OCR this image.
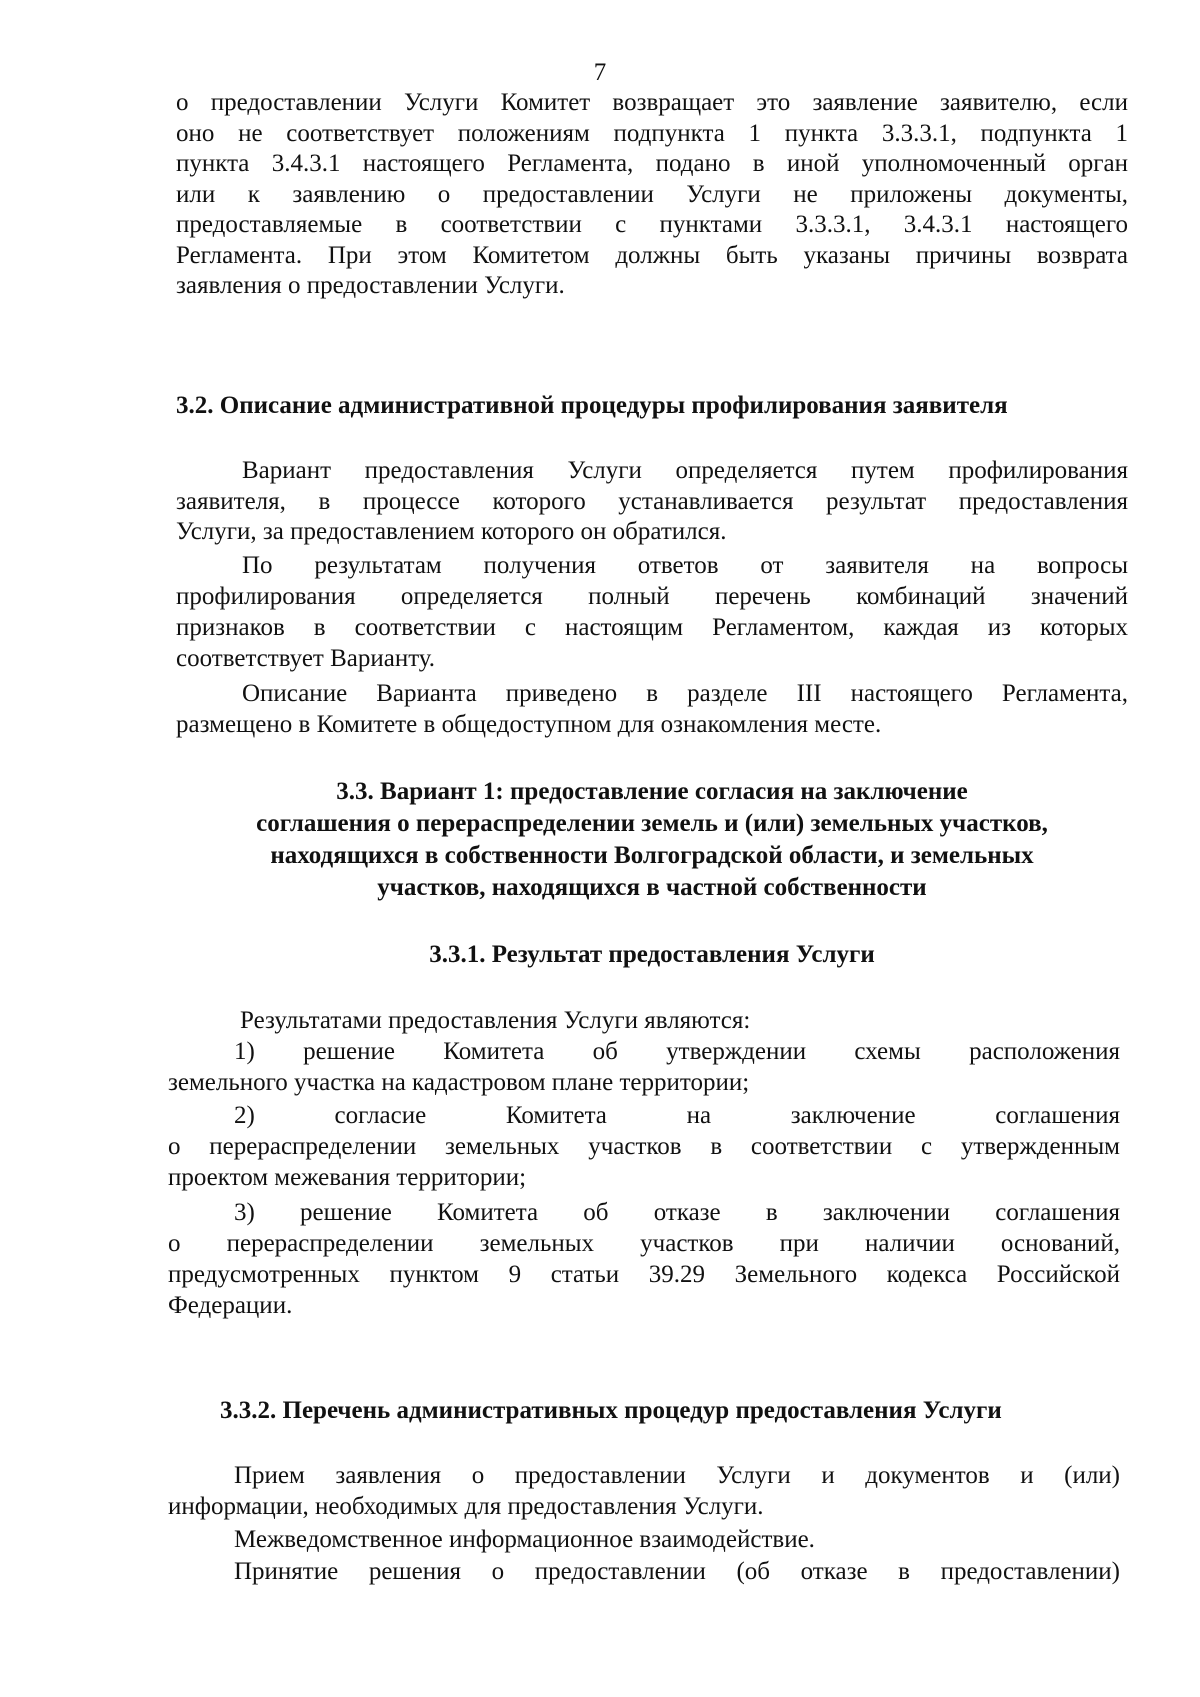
7

о предоставлении Услуги Комитет возвращает это заявление заявителю, если

оно не соответствует положениям подпункта 1 пункта 3.3.3.1, подпункта 1

пункта 3.4.3.1 настоящего Регламента, подано в иной уполномоченный орган

или к заявлению о предоставлении Услуги не приложены документы,

предоставляемые в соответствии с пунктами 3.3.3.1, 3.4.3.1 настоящего

Регламента. При этом Комитетом должны быть указаны причины возврата

заявления о предоставлении Услуги.

3.2. Описание административной процедуры профилирования заявителя

Вариант предоставления Услуги определяется путем профилирования

заявителя, в процессе которого устанавливается результат предоставления

Услуги, за предоставлением которого он обратился.

По результатам получения ответов от заявителя на вопросы

профилирования определяется полный перечень комбинаций значений

признаков в соответствии с настоящим Регламентом, каждая из которых

соответствует Варианту.

Описание Варианта приведено в разделе III настоящего Регламента,

размещено в Комитете в общедоступном для ознакомления месте.

3.3. Вариант 1: предоставление согласия на заключение
соглашения о перераспределении земель и (или) земельных участков,
находящихся в собственности Волгоградской области, и земельных
участков, находящихся в частной собственности
3.3.1. Результат предоставления Услуги
Результатами предоставления Услуги являются:

1) решение Комитета об утверждении схемы расположения

земельного участка на кадастровом плане территории;

2) согласие Комитета на заключение соглашения

о перераспределении земельных участков в соответствии с утвержденным

проектом межевания территории;

3) решение Комитета об отказе в заключении соглашения

о перераспределении земельных участков при наличии оснований,

предусмотренных пунктом 9 статьи 39.29 Земельного кодекса Российской

Федерации.

3.3.2. Перечень административных процедур предоставления Услуги

Прием заявления о предоставлении Услуги и документов и (или)

информации, необходимых для предоставления Услуги.

Межведомственное информационное взаимодействие.

Принятие решения о предоставлении (об отказе в предоставлении)
